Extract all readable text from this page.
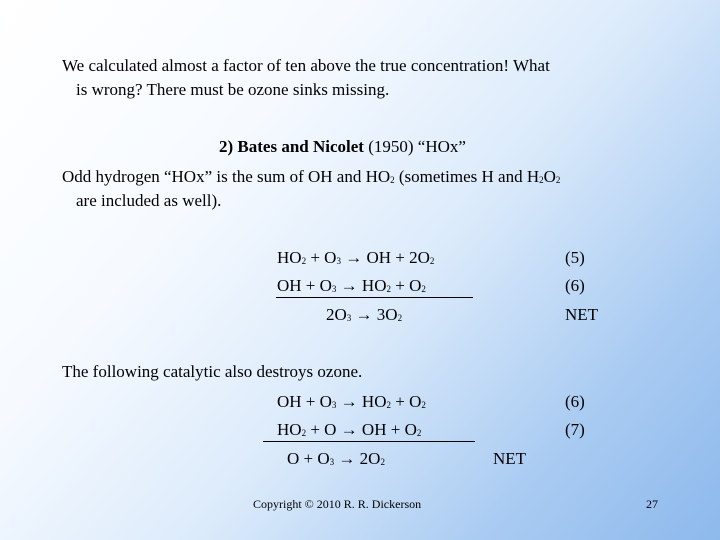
We calculated almost a factor of ten above the true concentration! What
is wrong? There must be ozone sinks missing.
2) Bates and Nicolet (1950) “HOx”
Odd hydrogen “HOx” is the sum of OH and $HO_2$ (sometimes H and $H_2O_2$
are included as well).
$HO_2 + O_3$ → OH + $2O_2$	(5)
OH + $O_3 \to HO_2 + O_2$	(6)
$2O_3 \to 3O_2$	NET
The following catalytic also destroys ozone.
OH + $O_3 \to HO_2 + O_2$	(6)
$HO_2 + O$ → OH + $O_2$	(7)
$O + O_3 \to 2O_2$	NET
Copyright © 2010 R. R. Dickerson	27
